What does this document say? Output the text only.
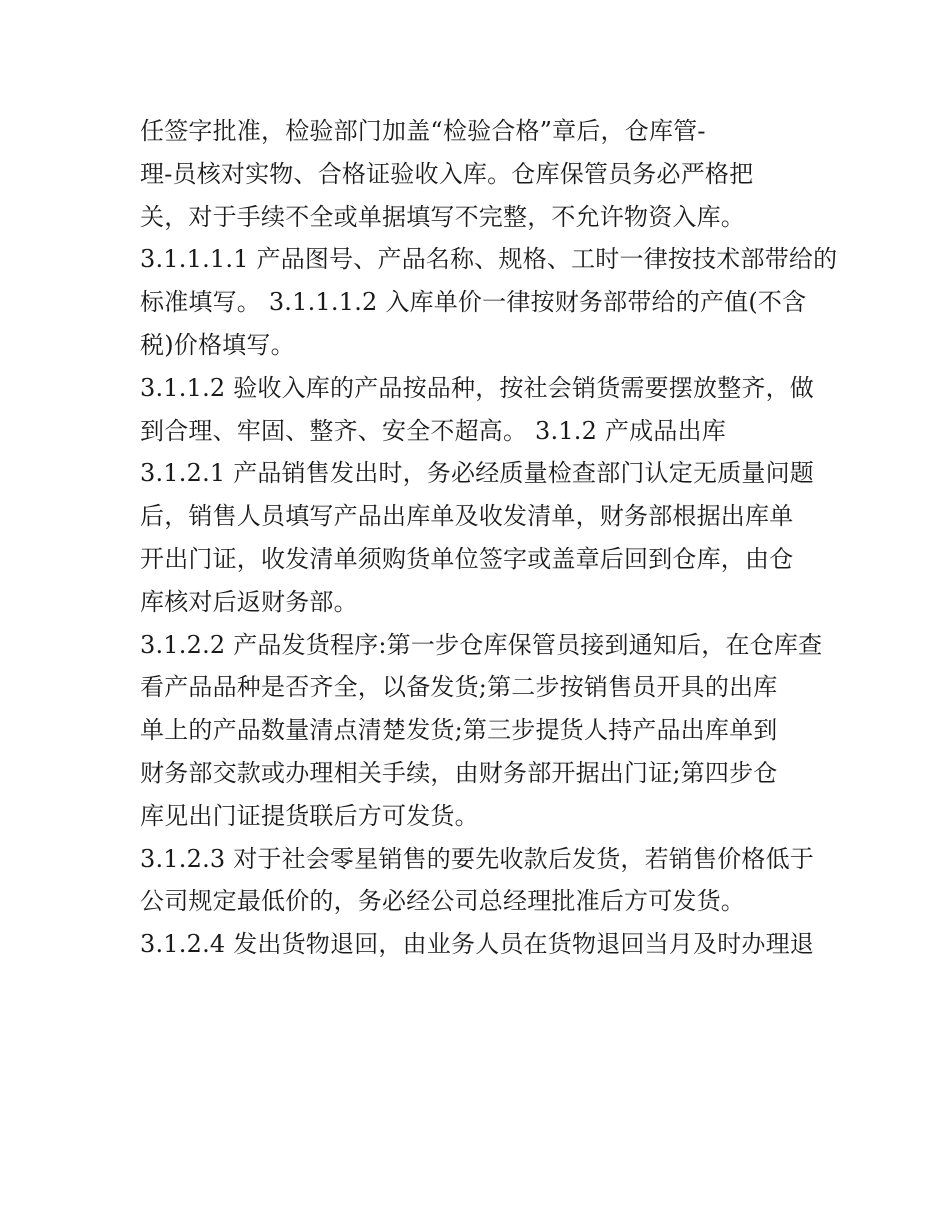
任签字批准，检验部门加盖“检验合格”章后，仓库管-
理-员核对实物、合格证验收入库。仓库保管员务必严格把
关，对于手续不全或单据填写不完整，不允许物资入库。
3.1.1.1.1 产品图号、产品名称、规格、工时一律按技术部带给的
标准填写。 3.1.1.1.2 入库单价一律按财务部带给的产值(不含
税)价格填写。
3.1.1.2 验收入库的产品按品种，按社会销货需要摆放整齐，做
到合理、牢固、整齐、安全不超高。 3.1.2 产成品出库
3.1.2.1 产品销售发出时，务必经质量检查部门认定无质量问题
后，销售人员填写产品出库单及收发清单，财务部根据出库单
开出门证，收发清单须购货单位签字或盖章后回到仓库，由仓
库核对后返财务部。
3.1.2.2 产品发货程序:第一步仓库保管员接到通知后，在仓库查
看产品品种是否齐全，以备发货;第二步按销售员开具的出库
单上的产品数量清点清楚发货;第三步提货人持产品出库单到
财务部交款或办理相关手续，由财务部开据出门证;第四步仓
库见出门证提货联后方可发货。
3.1.2.3 对于社会零星销售的要先收款后发货，若销售价格低于
公司规定最低价的，务必经公司总经理批准后方可发货。
3.1.2.4 发出货物退回，由业务人员在货物退回当月及时办理退
